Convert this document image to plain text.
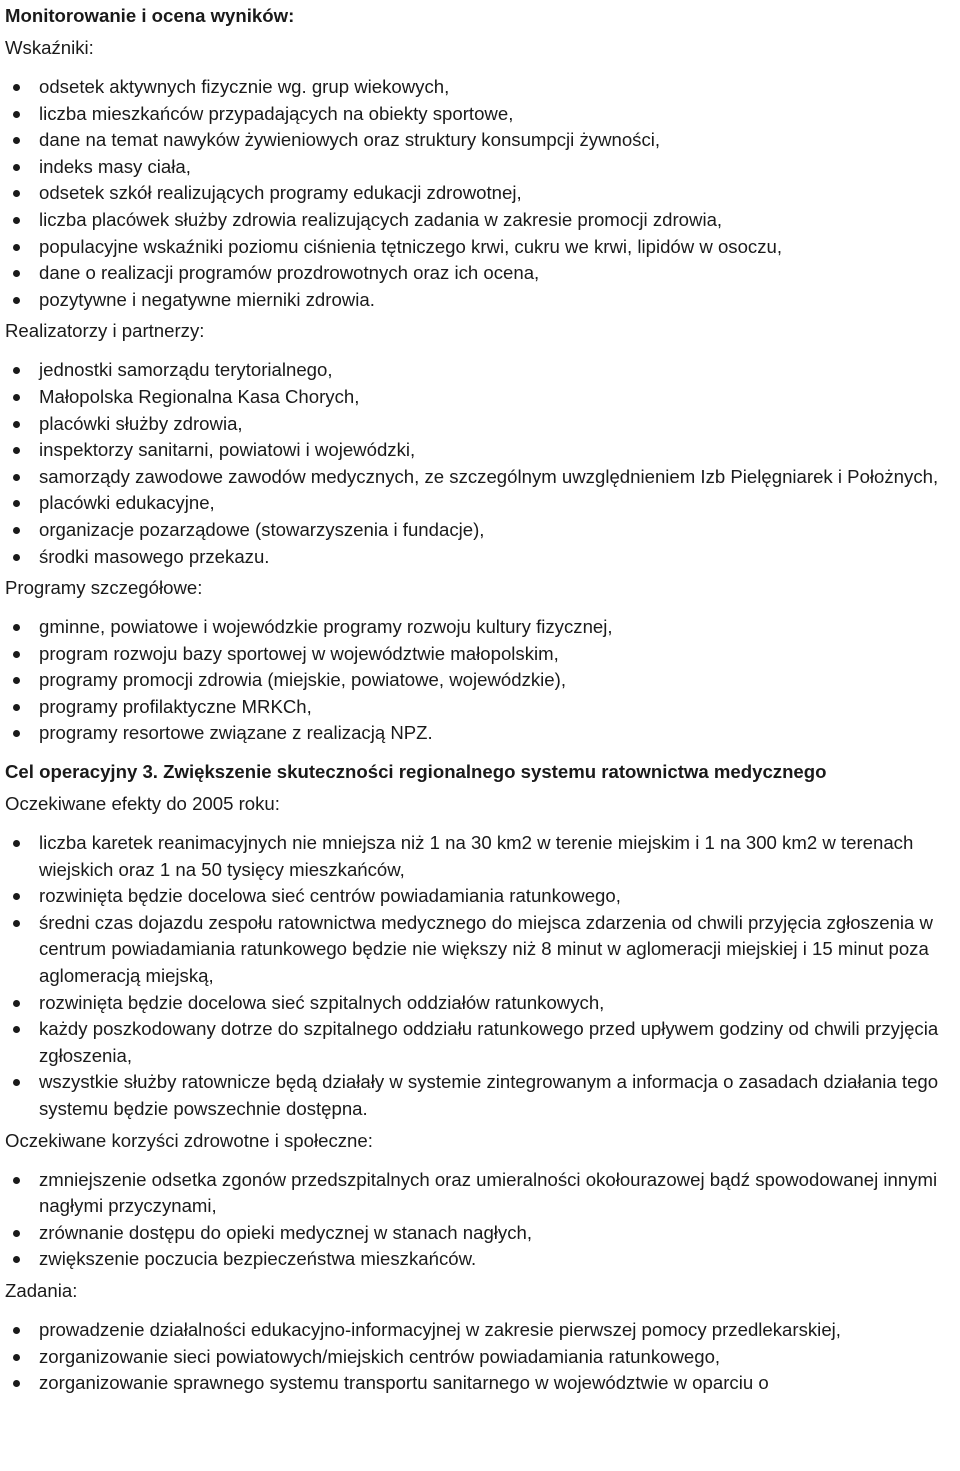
Monitorowanie i ocena wyników:
Wskaźniki:
odsetek aktywnych fizycznie wg. grup wiekowych,
liczba mieszkańców przypadających na obiekty sportowe,
dane na temat nawyków żywieniowych oraz struktury konsumpcji żywności,
indeks masy ciała,
odsetek szkół realizujących programy edukacji zdrowotnej,
liczba placówek służby zdrowia realizujących zadania w zakresie promocji zdrowia,
populacyjne wskaźniki poziomu ciśnienia tętniczego krwi, cukru we krwi, lipidów w osoczu,
dane o realizacji programów prozdrowotnych oraz ich ocena,
pozytywne i negatywne mierniki zdrowia.
Realizatorzy i partnerzy:
jednostki samorządu terytorialnego,
Małopolska Regionalna Kasa Chorych,
placówki służby zdrowia,
inspektorzy sanitarni, powiatowi i wojewódzki,
samorządy zawodowe zawodów medycznych, ze szczególnym uwzględnieniem Izb Pielęgniarek i Położnych,
placówki edukacyjne,
organizacje pozarządowe (stowarzyszenia i fundacje),
środki masowego przekazu.
Programy szczegółowe:
gminne, powiatowe i wojewódzkie programy rozwoju kultury fizycznej,
program rozwoju bazy sportowej w województwie małopolskim,
programy promocji zdrowia (miejskie, powiatowe, wojewódzkie),
programy profilaktyczne MRKCh,
programy resortowe związane z realizacją NPZ.
Cel operacyjny 3. Zwiększenie skuteczności regionalnego systemu ratownictwa medycznego
Oczekiwane efekty do 2005 roku:
liczba karetek reanimacyjnych nie mniejsza niż 1 na 30 km2 w terenie miejskim i 1 na 300 km2 w terenach wiejskich oraz 1 na 50 tysięcy mieszkańców,
rozwinięta będzie docelowa sieć centrów powiadamiania ratunkowego,
średni czas dojazdu zespołu ratownictwa medycznego do miejsca zdarzenia od chwili przyjęcia zgłoszenia w centrum powiadamiania ratunkowego będzie nie większy niż 8 minut w aglomeracji miejskiej i 15 minut poza aglomeracją miejską,
rozwinięta będzie docelowa sieć szpitalnych oddziałów ratunkowych,
każdy poszkodowany dotrze do szpitalnego oddziału ratunkowego przed upływem godziny od chwili przyjęcia zgłoszenia,
wszystkie służby ratownicze będą działały w systemie zintegrowanym a informacja o zasadach działania tego systemu będzie powszechnie dostępna.
Oczekiwane korzyści zdrowotne i społeczne:
zmniejszenie odsetka zgonów przedszpitalnych oraz umieralności okołourazowej bądź spowodowanej innymi nagłymi przyczynami,
zrównanie dostępu do opieki medycznej w stanach nagłych,
zwiększenie poczucia bezpieczeństwa mieszkańców.
Zadania:
prowadzenie działalności edukacyjno-informacyjnej w zakresie pierwszej pomocy przedlekarskiej,
zorganizowanie sieci powiatowych/miejskich centrów powiadamiania ratunkowego,
zorganizowanie sprawnego systemu transportu sanitarnego w województwie w oparciu o
